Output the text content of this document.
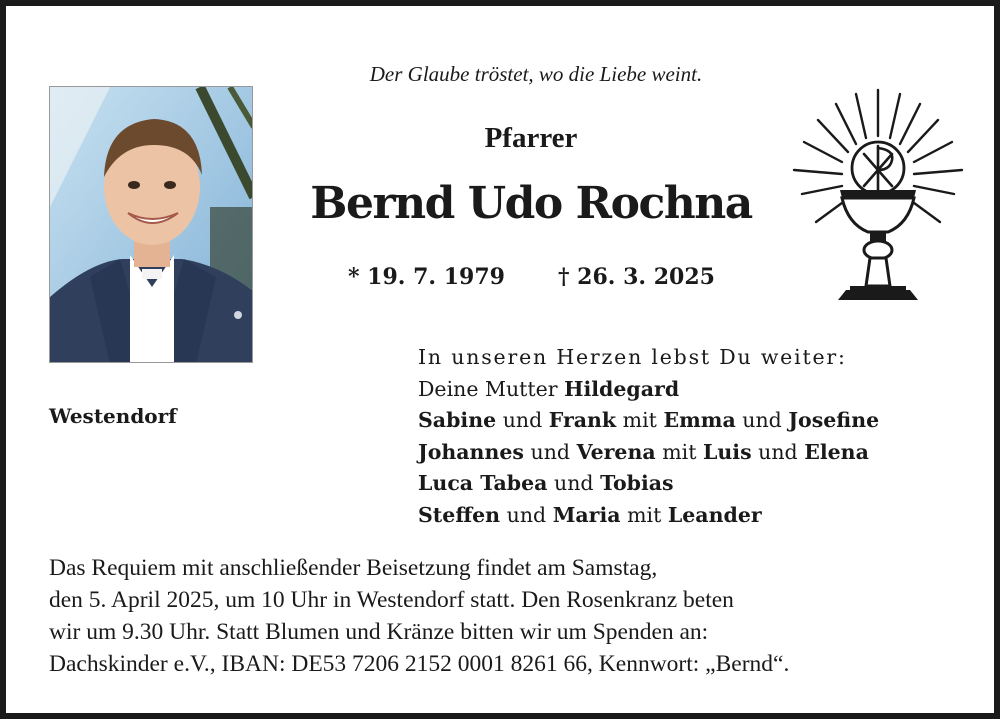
Der Glaube tröstet, wo die Liebe weint.
Pfarrer
Bernd Udo Rochna
* 19. 7. 1979 † 26. 3. 2025
Westendorf
In unseren Herzen lebst Du weiter:
Deine Mutter Hildegard
Sabine und Frank mit Emma und Josefine
Johannes und Verena mit Luis und Elena
Luca Tabea und Tobias
Steffen und Maria mit Leander
Das Requiem mit anschließender Beisetzung findet am Samstag,
den 5. April 2025, um 10 Uhr in Westendorf statt. Den Rosenkranz beten
wir um 9.30 Uhr. Statt Blumen und Kränze bitten wir um Spenden an:
Dachskinder e.V., IBAN: DE53 7206 2152 0001 8261 66, Kennwort: „Bernd“.
